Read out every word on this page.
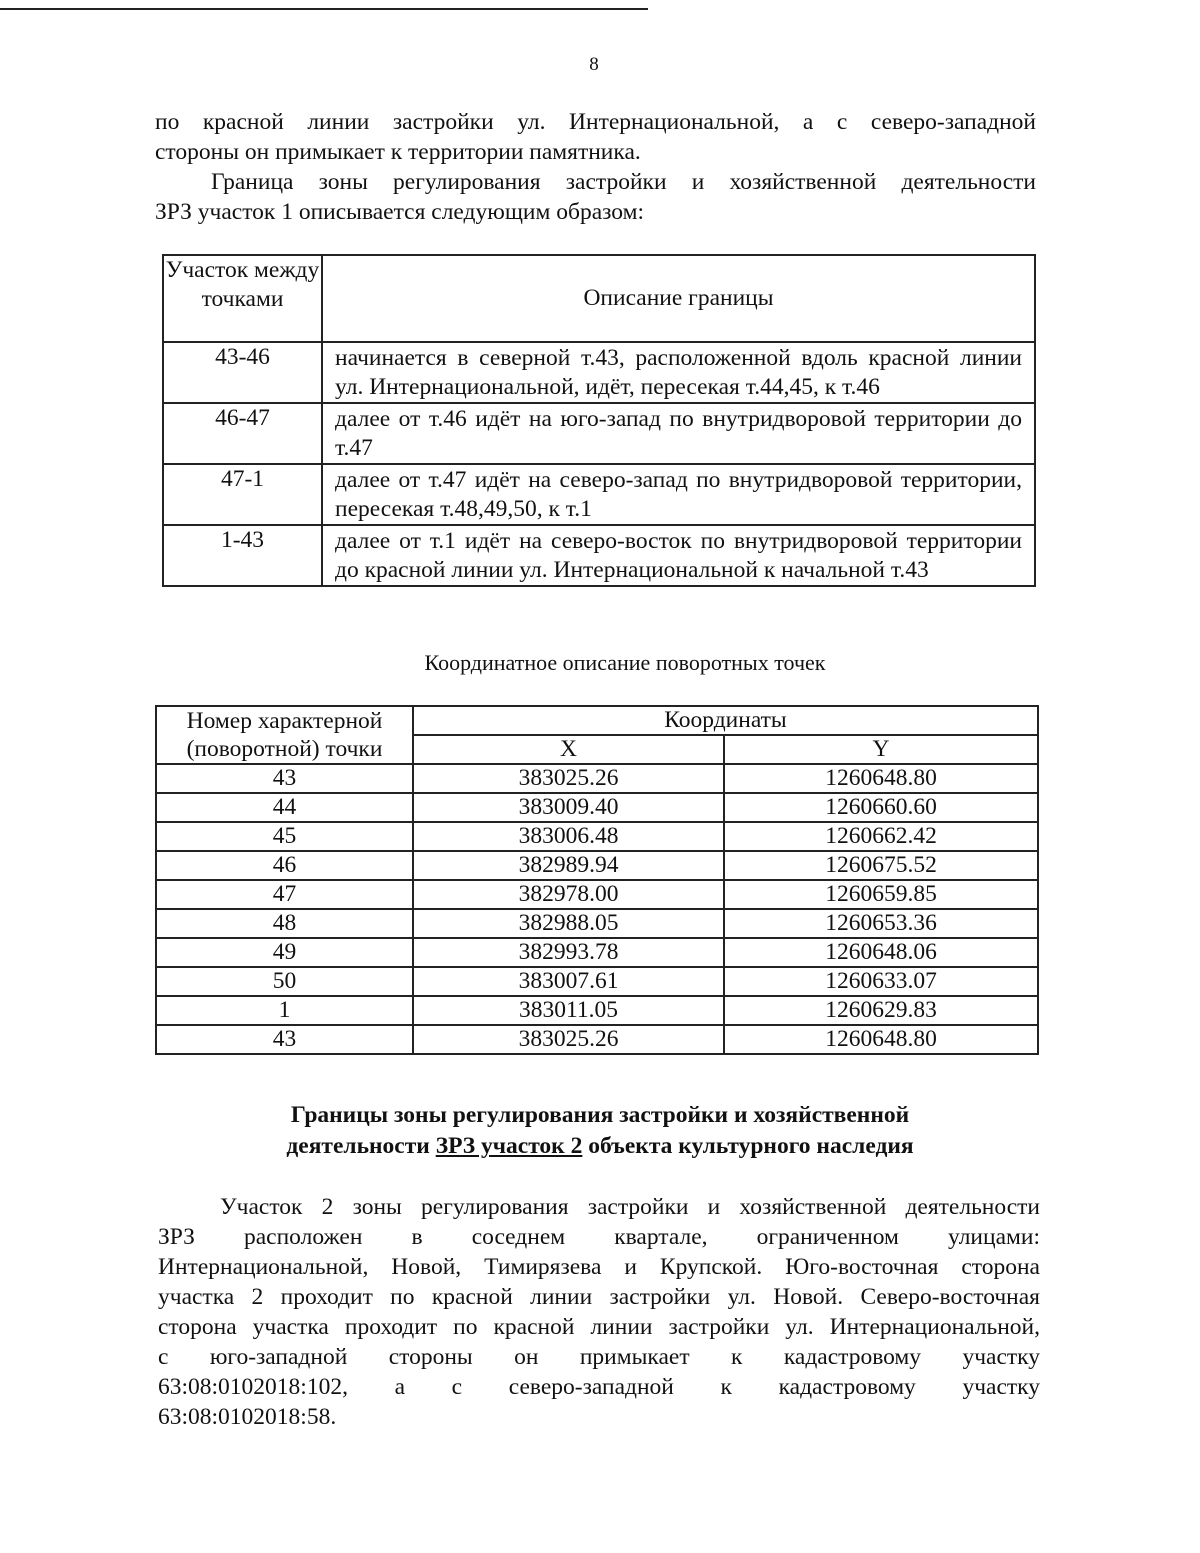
8
по красной линии застройки ул. Интернациональной, а с северо-западной
стороны он примыкает к территории памятника.
Граница зоны регулирования застройки и хозяйственной деятельности
ЗРЗ участок 1 описывается следующим образом:
Участок между точками	Описание границы
43-46	начинается в северной т.43, расположенной вдоль красной линии ул. Интернациональной, идёт, пересекая т.44,45, к т.46
46-47	далее от т.46 идёт на юго-запад по внутридворовой территории до т.47
47-1	далее от т.47 идёт на северо-запад по внутридворовой территории, пересекая т.48,49,50, к т.1
1-43	далее от т.1 идёт на северо-восток по внутридворовой территории до красной линии ул. Интернациональной к начальной т.43
Координатное описание поворотных точек
Номер характерной (поворотной) точки	Координаты	
	X	Y
43	383025.26	1260648.80
44	383009.40	1260660.60
45	383006.48	1260662.42
46	382989.94	1260675.52
47	382978.00	1260659.85
48	382988.05	1260653.36
49	382993.78	1260648.06
50	383007.61	1260633.07
1	383011.05	1260629.83
43	383025.26	1260648.80
Границы зоны регулирования застройки и хозяйственной
деятельности ЗРЗ участок 2 объекта культурного наследия
Участок 2 зоны регулирования застройки и хозяйственной деятельности
ЗРЗ расположен в соседнем квартале, ограниченном улицами:
Интернациональной, Новой, Тимирязева и Крупской. Юго-восточная сторона
участка 2 проходит по красной линии застройки ул. Новой. Северо-восточная
сторона участка проходит по красной линии застройки ул. Интернациональной,
с юго-западной стороны он примыкает к кадастровому участку
63:08:0102018:102, а с северо-западной к кадастровому участку
63:08:0102018:58.
